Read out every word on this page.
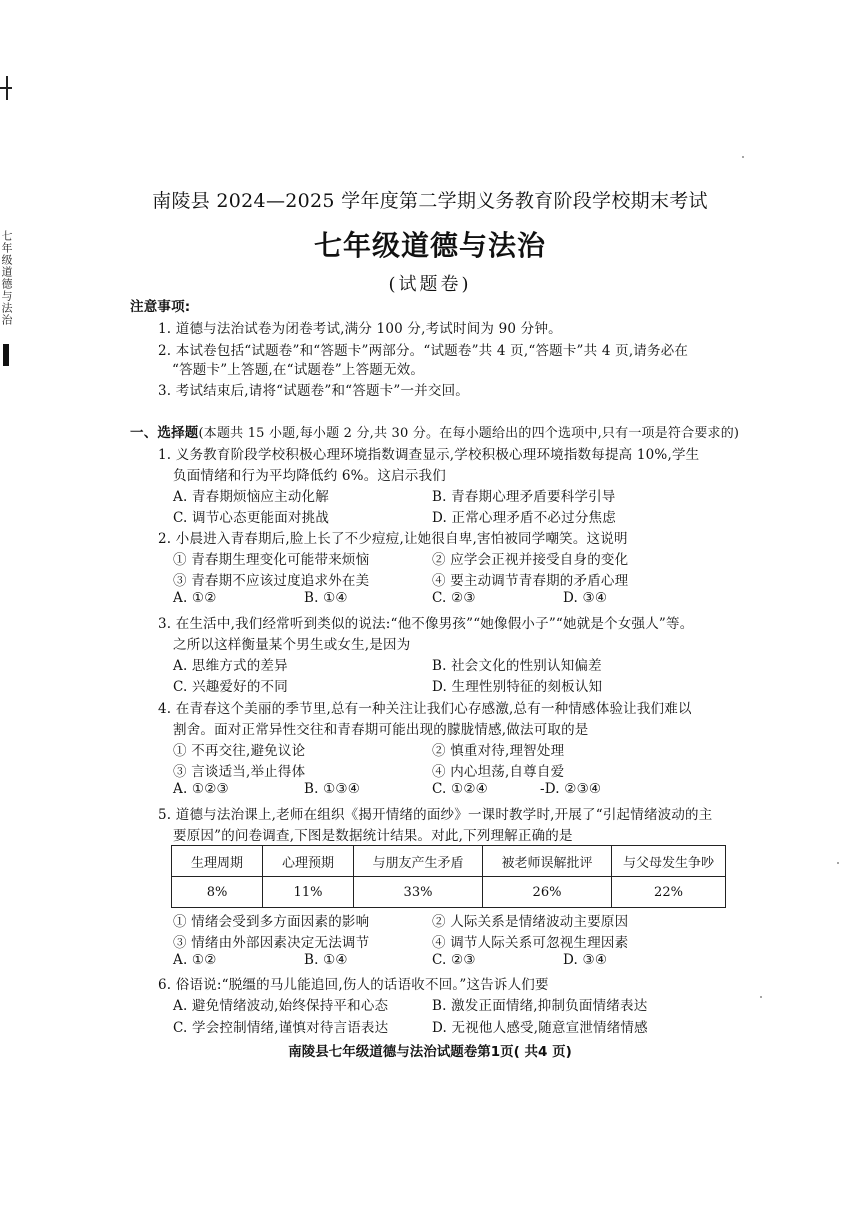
七年级道德与法治
南陵县 2024—2025 学年度第二学期义务教育阶段学校期末考试
七年级道德与法治
(试题卷)
注意事项:
1. 道德与法治试卷为闭卷考试,满分 100 分,考试时间为 90 分钟。
2. 本试卷包括“试题卷”和“答题卡”两部分。“试题卷”共 4 页,“答题卡”共 4 页,请务必在
“答题卡”上答题,在“试题卷”上答题无效。
3. 考试结束后,请将“试题卷”和“答题卡”一并交回。
一、选择题(本题共 15 小题,每小题 2 分,共 30 分。在每小题给出的四个选项中,只有一项是符合要求的)
1. 义务教育阶段学校积极心理环境指数调查显示,学校积极心理环境指数每提高 10%,学生
负面情绪和行为平均降低约 6%。这启示我们
A. 青春期烦恼应主动化解	B. 青春期心理矛盾要科学引导
C. 调节心态更能面对挑战	D. 正常心理矛盾不必过分焦虑
2. 小晨进入青春期后,脸上长了不少痘痘,让她很自卑,害怕被同学嘲笑。这说明
① 青春期生理变化可能带来烦恼	② 应学会正视并接受自身的变化
③ 青春期不应该过度追求外在美	④ 要主动调节青春期的矛盾心理
A. ①②	B. ①④	C. ②③	D. ③④
3. 在生活中,我们经常听到类似的说法:“他不像男孩”“她像假小子”“她就是个女强人”等。
之所以这样衡量某个男生或女生,是因为
A. 思维方式的差异	B. 社会文化的性别认知偏差
C. 兴趣爱好的不同	D. 生理性别特征的刻板认知
4. 在青春这个美丽的季节里,总有一种关注让我们心存感激,总有一种情感体验让我们难以
割舍。面对正常异性交往和青春期可能出现的朦胧情感,做法可取的是
① 不再交往,避免议论	② 慎重对待,理智处理
③ 言谈适当,举止得体	④ 内心坦荡,自尊自爱
A. ①②③	B. ①③④	C. ①②④	-D. ②③④
5. 道德与法治课上,老师在组织《揭开情绪的面纱》一课时教学时,开展了“引起情绪波动的主
要原因”的问卷调查,下图是数据统计结果。对此,下列理解正确的是
生理周期	心理预期	与朋友产生矛盾	被老师误解批评	与父母发生争吵
8%	11%	33%	26%	22%
① 情绪会受到多方面因素的影响	② 人际关系是情绪波动主要原因
③ 情绪由外部因素决定无法调节	④ 调节人际关系可忽视生理因素
A. ①②	B. ①④	C. ②③	D. ③④
6. 俗语说:“脱缰的马儿能追回,伤人的话语收不回。”这告诉人们要
A. 避免情绪波动,始终保持平和心态	B. 激发正面情绪,抑制负面情绪表达
C. 学会控制情绪,谨慎对待言语表达	D. 无视他人感受,随意宣泄情绪情感
南陵县七年级道德与法治试题卷第1页( 共4 页)
